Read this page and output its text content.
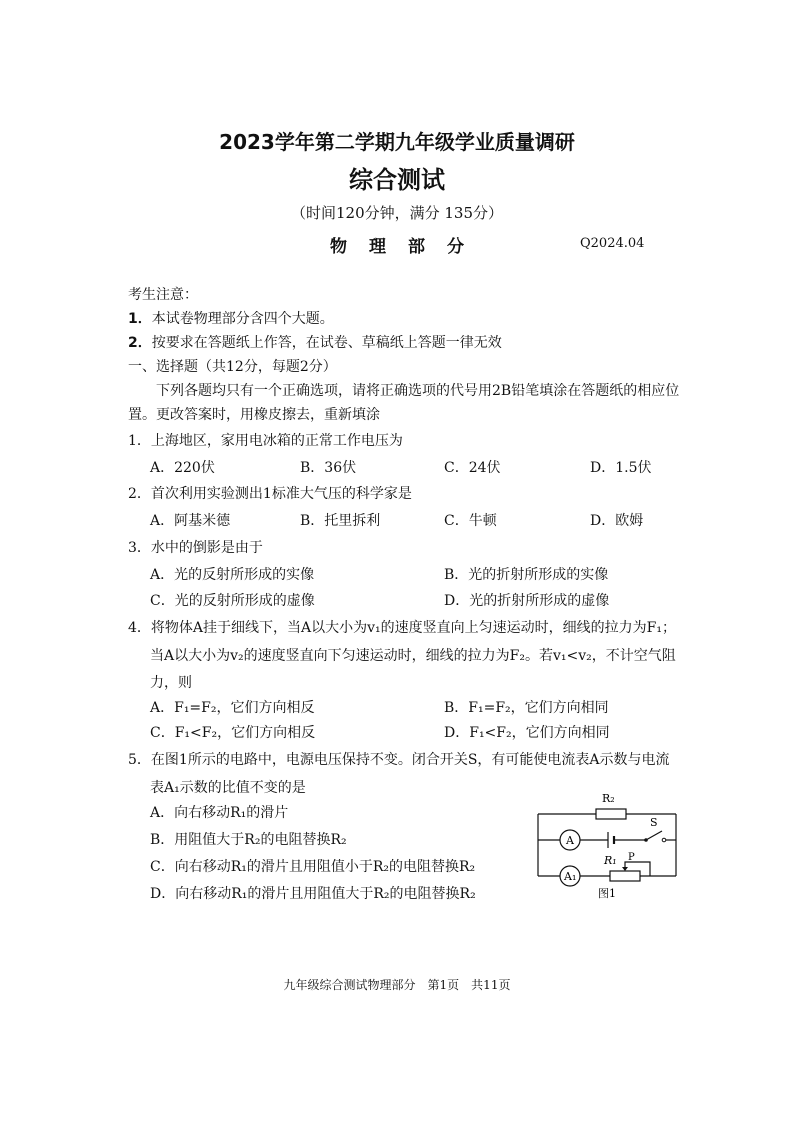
2023学年第二学期九年级学业质量调研
综合测试
（时间120分钟，满分 135分）
物理部分	Q2024.04
考生注意：
1．本试卷物理部分含四个大题。
2．按要求在答题纸上作答，在试卷、草稿纸上答题一律无效
一、选择题（共12分，每题2分）
下列各题均只有一个正确选项，请将正确选项的代号用2B铅笔填涂在答题纸的相应位
置。更改答案时，用橡皮擦去，重新填涂
1．上海地区，家用电冰箱的正常工作电压为
A．220伏	B．36伏	C．24伏	D．1.5伏
2．首次利用实验测出1标准大气压的科学家是
A．阿基米德	B．托里拆利	C．牛顿	D．欧姆
3．水中的倒影是由于
A．光的反射所形成的实像	B．光的折射所形成的实像
C．光的反射所形成的虚像	D．光的折射所形成的虚像
4．将物体A挂于细线下，当A以大小为v₁的速度竖直向上匀速运动时，细线的拉力为F₁；
当A以大小为v₂的速度竖直向下匀速运动时，细线的拉力为F₂。若v₁<v₂，不计空气阻
力，则
A．F₁=F₂，它们方向相反	B．F₁=F₂，它们方向相同
C．F₁<F₂，它们方向相反	D．F₁<F₂，它们方向相同
5．在图1所示的电路中，电源电压保持不变。闭合开关S，有可能使电流表A示数与电流
表A₁示数的比值不变的是
A．向右移动R₁的滑片
B．用阻值大于R₂的电阻替换R₂
C．向右移动R₁的滑片且用阻值小于R₂的电阻替换R₂
D．向右移动R₁的滑片且用阻值大于R₂的电阻替换R₂
R₂
S
A
A₁
R₁ P
图1
九年级综合测试物理部分　第1页　共11页
